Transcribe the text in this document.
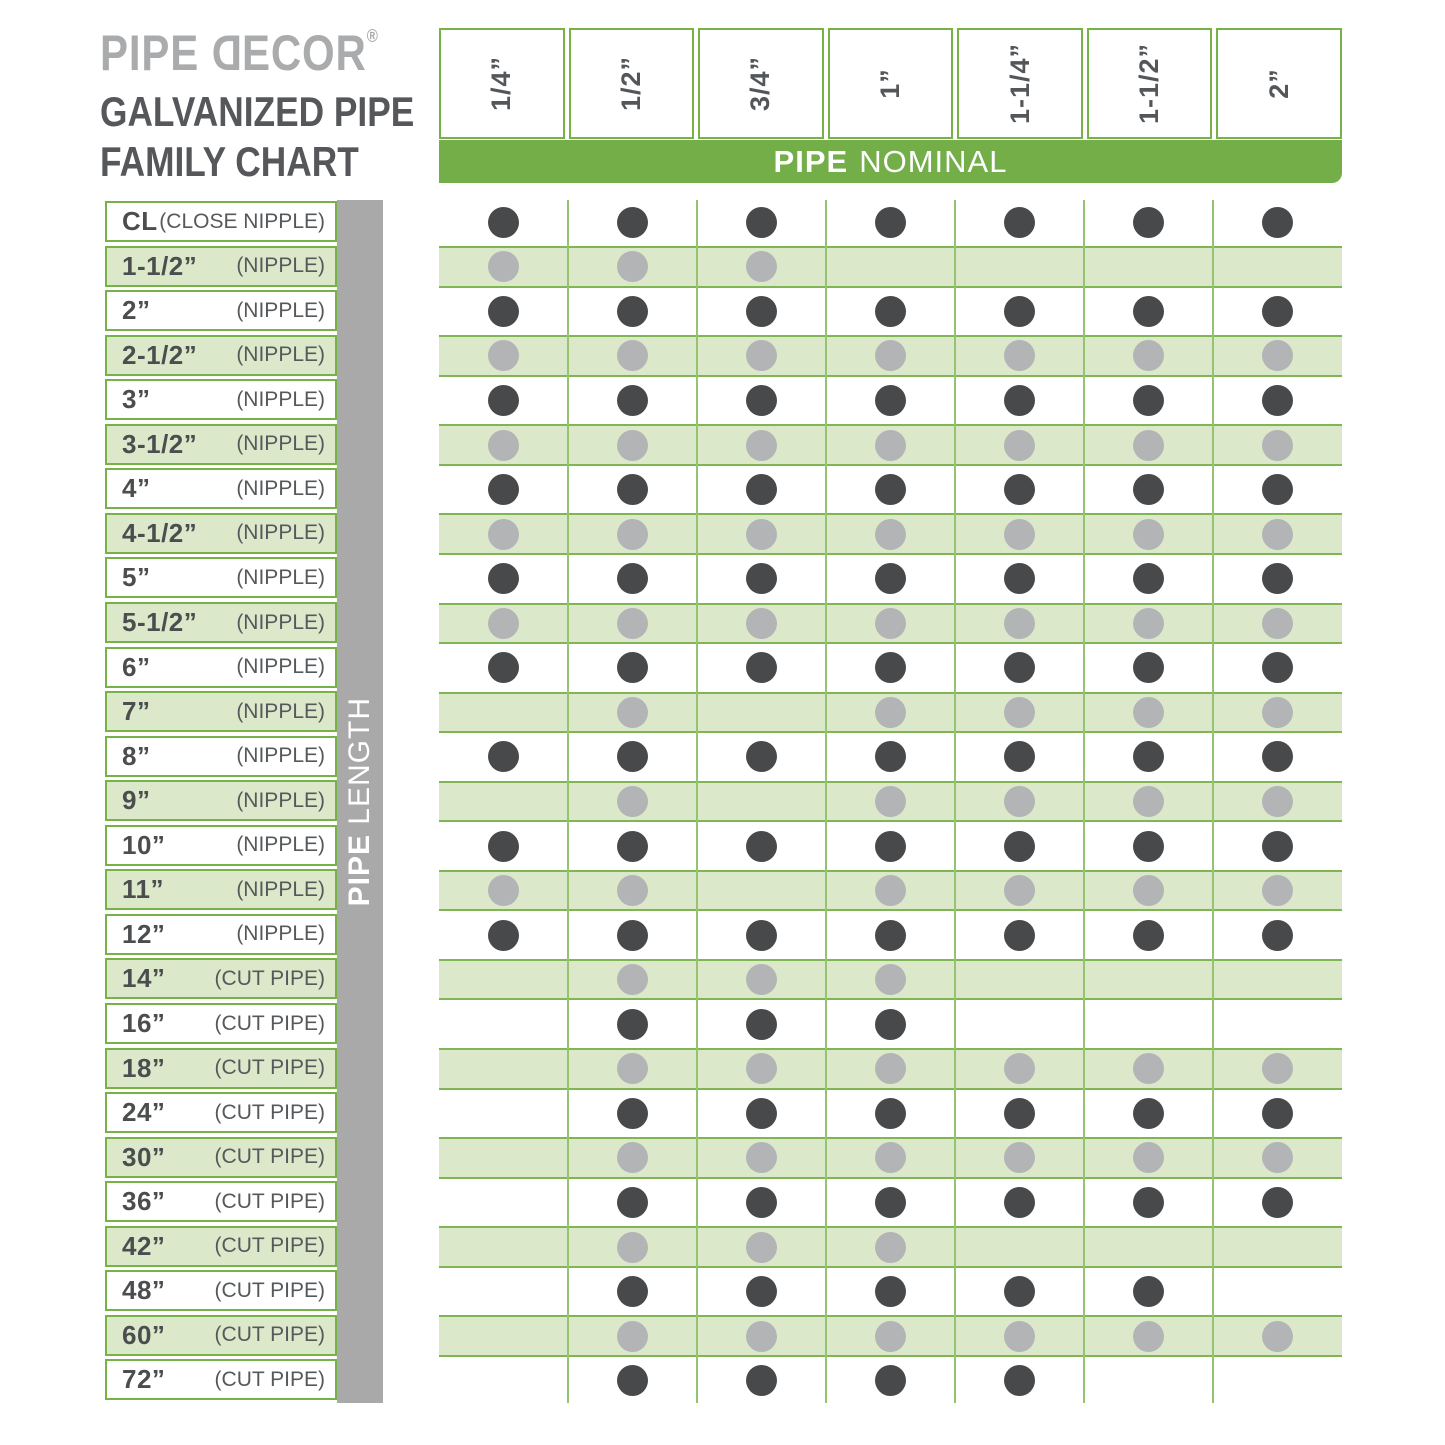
PIPE DECOR®
GALVANIZED PIPE
FAMILY CHART
1/4”	1/2”	3/4”	1”	1-1/4”	1-1/2”	2”
PIPE NOMINAL
CL (CLOSE NIPPLE)
1-1/2” (NIPPLE)
2”	(NIPPLE)
2-1/2” (NIPPLE)
3”	(NIPPLE)
3-1/2” (NIPPLE)
4”	(NIPPLE)
4-1/2” (NIPPLE)
5”	(NIPPLE)
5-1/2” (NIPPLE)
6”	(NIPPLE)
7”	(NIPPLE)
8”	(NIPPLE)
9”	(NIPPLE)
10”	(NIPPLE)
11”	(NIPPLE)
12”	(NIPPLE)
14” (CUT PIPE)
16” (CUT PIPE)
18” (CUT PIPE)
24” (CUT PIPE)
30” (CUT PIPE)
36” (CUT PIPE)
42” (CUT PIPE)
48” (CUT PIPE)
60” (CUT PIPE)
72” (CUT PIPE)
PIPE LENGTH
